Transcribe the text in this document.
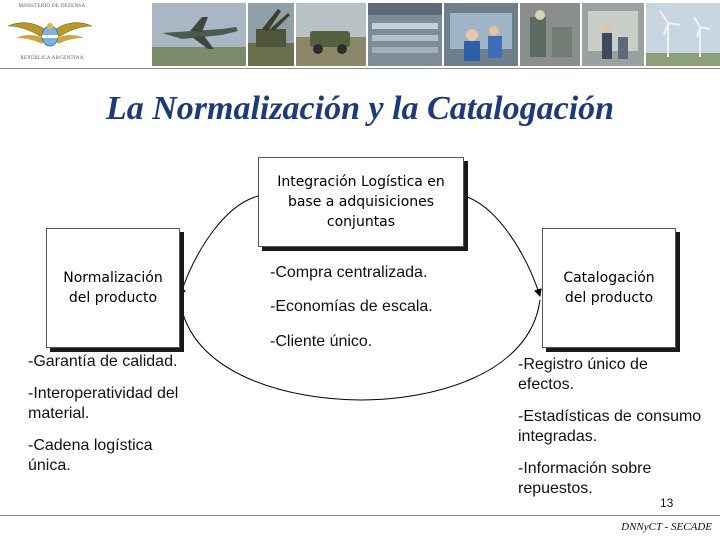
MINISTERIO DE DEFENSA
REPÚBLICA ARGENTINA
La Normalización y la Catalogación
Integración Logística en
base a adquisiciones
conjuntas
Normalización
del producto
Catalogación
del producto
-Compra centralizada.
-Economías de escala.
-Cliente único.

-Garantía de calidad.

-Interoperatividad del material.

-Cadena logística única.

-Registro único de efectos.

-Estadísticas de consumo integradas.

-Información sobre repuestos.

13
DNNyCT - SECADE
